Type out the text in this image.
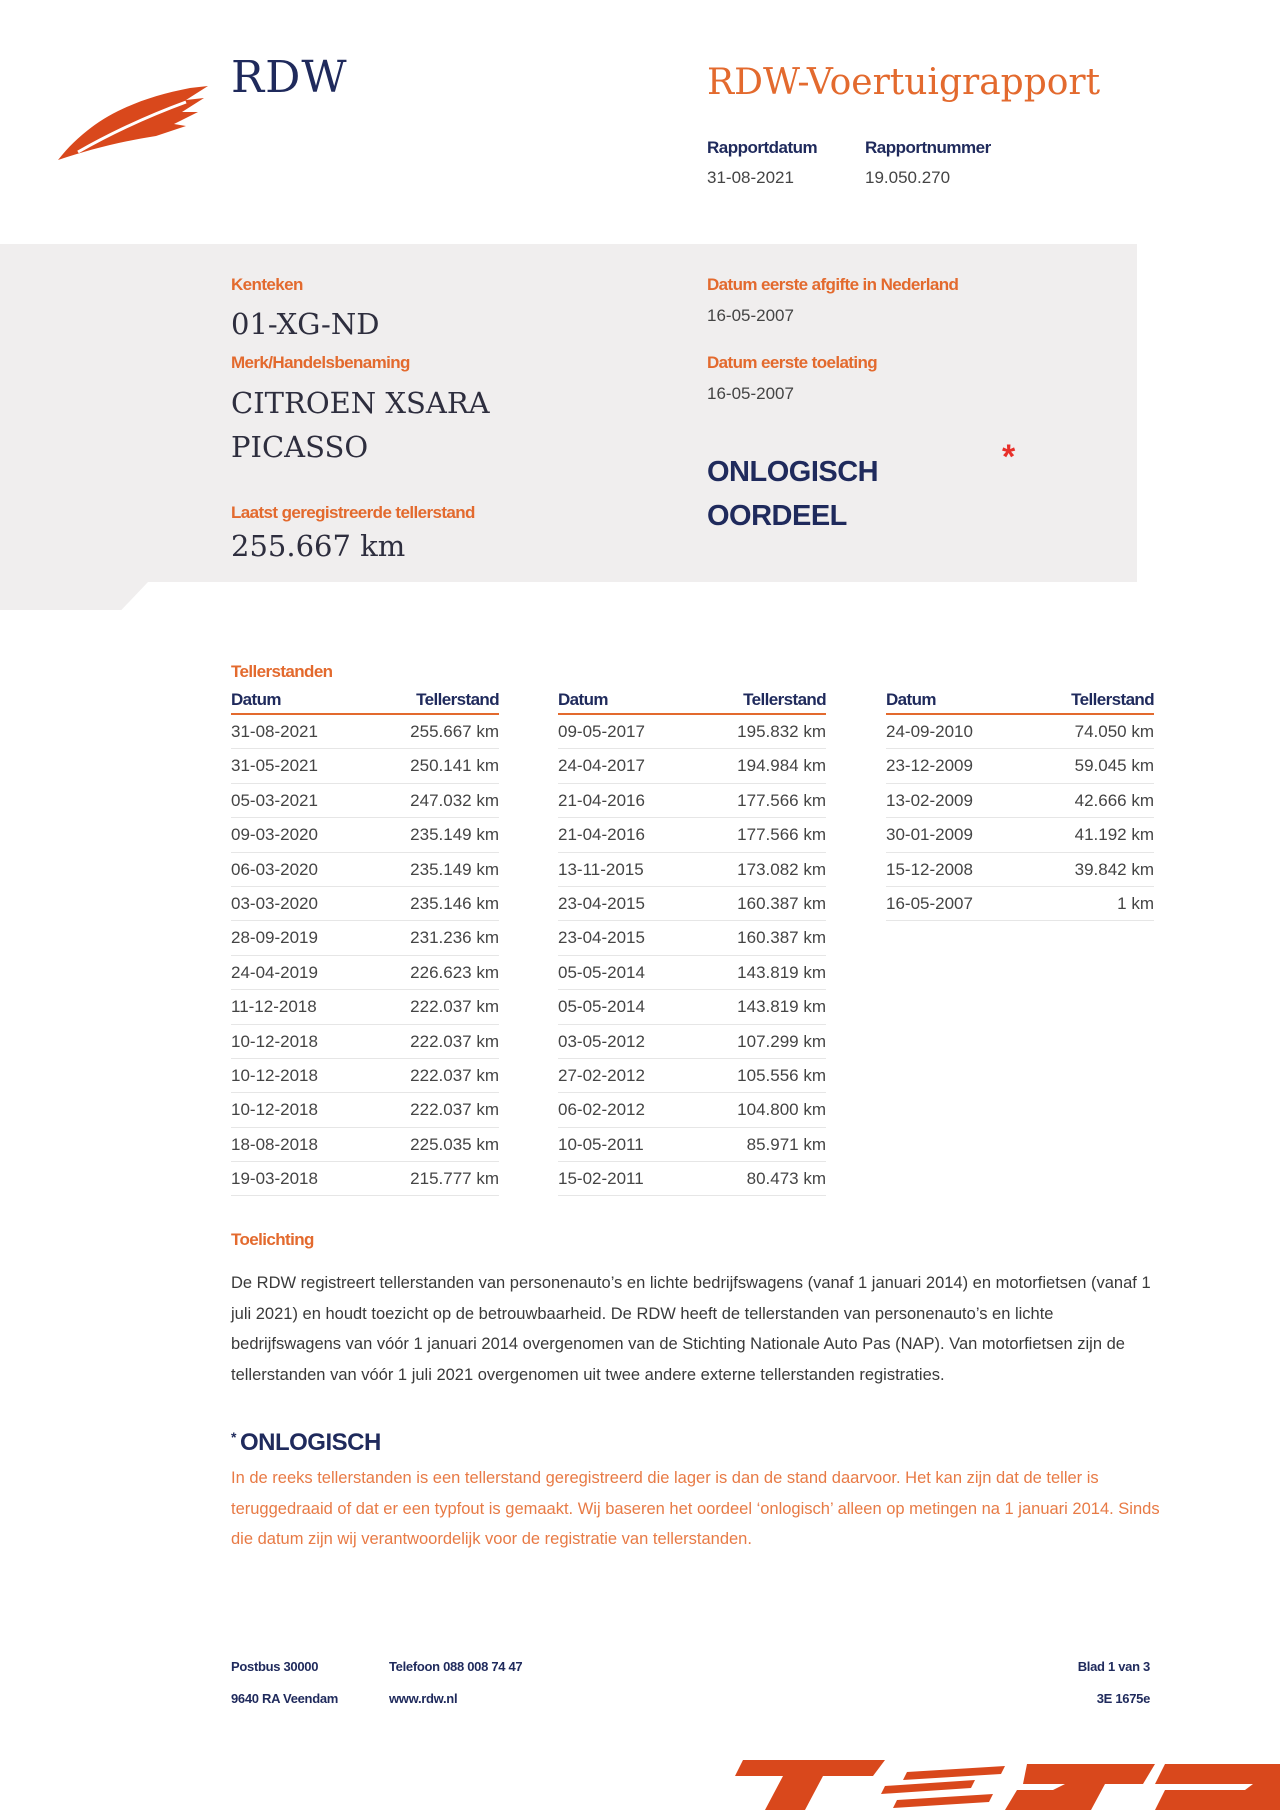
RDW	RDW-Voertuigrapport
Rapportdatum
31-08-2021
Rapportnummer
19.050.270
Kenteken
01-XG-ND
Merk/Handelsbenaming
CITROEN XSARA
PICASSO
Laatst geregistreerde tellerstand
255.667 km
Datum eerste afgifte in Nederland
16-05-2007
Datum eerste toelating
16-05-2007
ONLOGISCH
OORDEEL
*
Tellerstanden
Datum	Tellerstand
31-08-2021	255.667 km
31-05-2021	250.141 km
05-03-2021	247.032 km
09-03-2020	235.149 km
06-03-2020	235.149 km
03-03-2020	235.146 km
28-09-2019	231.236 km
24-04-2019	226.623 km
11-12-2018	222.037 km
10-12-2018	222.037 km
10-12-2018	222.037 km
10-12-2018	222.037 km
18-08-2018	225.035 km
19-03-2018	215.777 km
Datum	Tellerstand
09-05-2017	195.832 km
24-04-2017	194.984 km
21-04-2016	177.566 km
21-04-2016	177.566 km
13-11-2015	173.082 km
23-04-2015	160.387 km
23-04-2015	160.387 km
05-05-2014	143.819 km
05-05-2014	143.819 km
03-05-2012	107.299 km
27-02-2012	105.556 km
06-02-2012	104.800 km
10-05-2011	85.971 km
15-02-2011	80.473 km
Datum	Tellerstand
24-09-2010	74.050 km
23-12-2009	59.045 km
13-02-2009	42.666 km
30-01-2009	41.192 km
15-12-2008	39.842 km
16-05-2007	1 km
Toelichting
De RDW registreert tellerstanden van personenauto’s en lichte bedrijfswagens (vanaf 1 januari 2014) en motorfietsen (vanaf 1 juli 2021) en houdt toezicht op de betrouwbaarheid. De RDW heeft de tellerstanden van personenauto’s en lichte bedrijfswagens van vóór 1 januari 2014 overgenomen van de Stichting Nationale Auto Pas (NAP). Van motorfietsen zijn de tellerstanden van vóór 1 juli 2021 overgenomen uit twee andere externe tellerstanden registraties.
* ONLOGISCH
In de reeks tellerstanden is een tellerstand geregistreerd die lager is dan de stand daarvoor. Het kan zijn dat de teller is teruggedraaid of dat er een typfout is gemaakt. Wij baseren het oordeel ‘onlogisch’ alleen op metingen na 1 januari 2014. Sinds die datum zijn wij verantwoordelijk voor de registratie van tellerstanden.
Postbus 30000
9640 RA Veendam
Telefoon 088 008 74 47
www.rdw.nl
Blad 1 van 3
3E 1675e
